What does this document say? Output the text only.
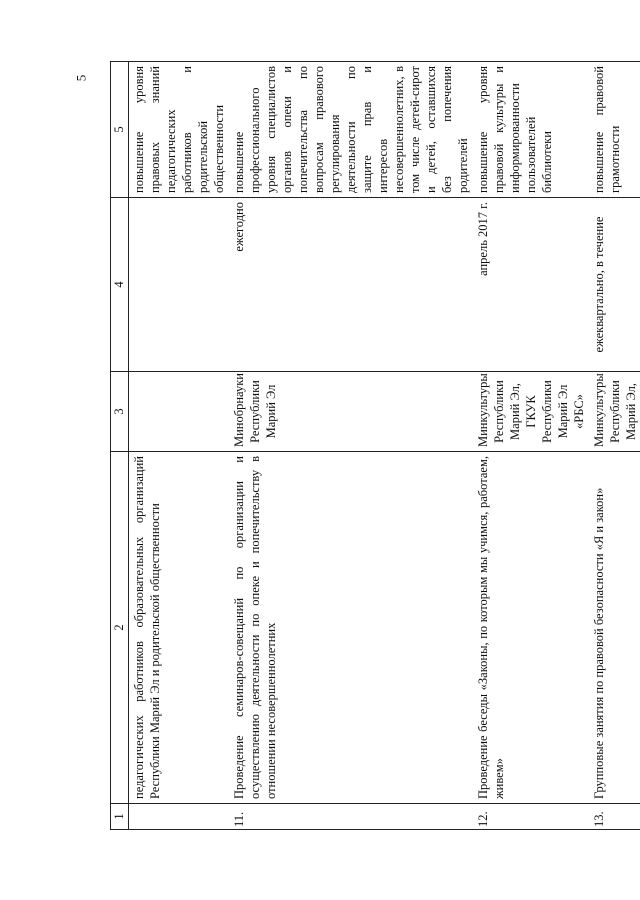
5
1	2	3	4	5
	педагогических работников образовательных организаций Республики Марий Эл и родительской общественности			повышение уровня правовых знаний педагогических работников и родительской общественности
11.	Проведение семинаров-совещаний по организации и осуществлению деятельности по опеке и попечительству в отношении несовершеннолетних	Минобрнауки Республики Марий Эл	ежегодно	повышение профессионального уровня специалистов органов опеки и попечительства по вопросам правового регулирования деятельности по защите прав и интересов несовершеннолетних, в том числе детей-сирот и детей, оставшихся без попечения родителей
12.	Проведение беседы «Законы, по которым мы учимся, работаем, живем»	Минкультуры Республики Марий Эл, ГКУК Республики Марий Эл «РБС»	апрель 2017 г.	повышение уровня правовой культуры и информированности пользователей библиотеки
13.	Групповые занятия по правовой безопасности «Я и закон»	Минкультуры Республики Марий Эл,	ежеквартально, в течение	повышение правовой грамотности
